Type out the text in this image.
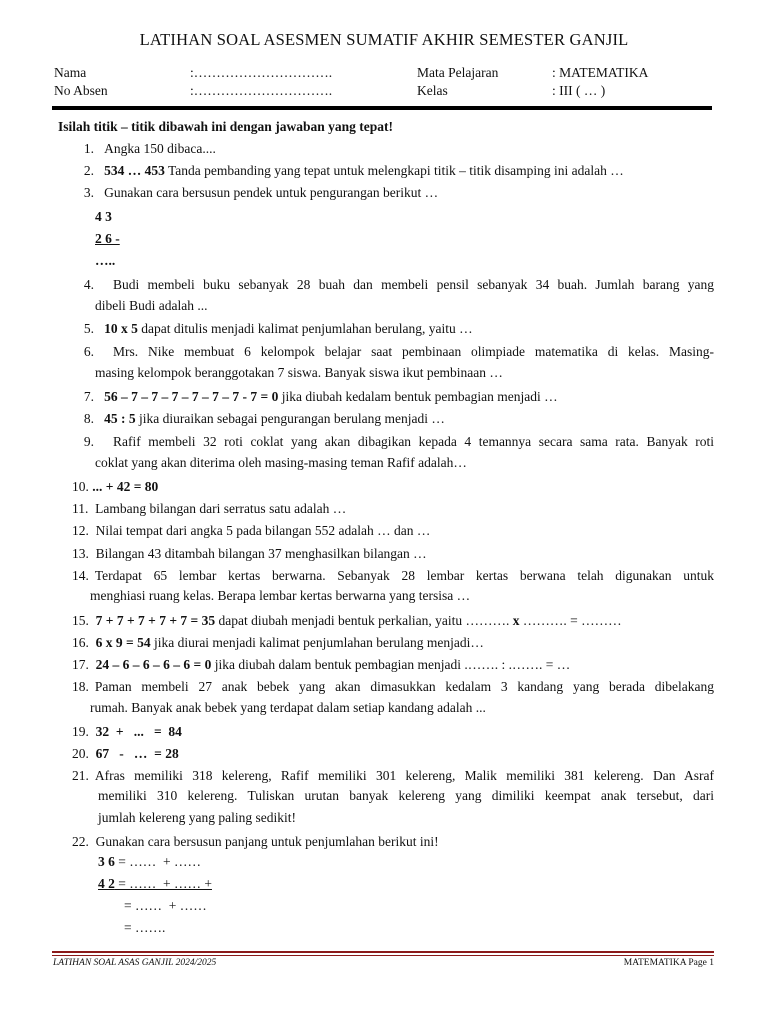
LATIHAN SOAL ASESMEN SUMATIF AKHIR SEMESTER GANJIL
Nama	:………………………….	Mata Pelajaran	: MATEMATIKA
No Absen	:………………………….	Kelas	: III ( … )
Isilah titik – titik dibawah ini dengan jawaban yang tepat!
1. Angka 150 dibaca....
2. 534 … 453 Tanda pembanding yang tepat untuk melengkapi titik – titik disamping ini adalah …
3. Gunakan cara bersusun pendek untuk pengurangan berikut …
4 3
2 6 -
…..
4. Budi membeli buku sebanyak 28 buah dan membeli pensil sebanyak 34 buah. Jumlah barang yang
dibeli Budi adalah ...
5. 10 x 5 dapat ditulis menjadi kalimat penjumlahan berulang, yaitu …
6. Mrs. Nike membuat 6 kelompok belajar saat pembinaan olimpiade matematika di kelas. Masing-
masing kelompok beranggotakan 7 siswa. Banyak siswa ikut pembinaan …
7. 56 – 7 – 7 – 7 – 7 – 7 – 7 - 7 = 0 jika diubah kedalam bentuk pembagian menjadi …
8. 45 : 5 jika diuraikan sebagai pengurangan berulang menjadi …
9. Rafif membeli 32 roti coklat yang akan dibagikan kepada 4 temannya secara sama rata. Banyak roti
coklat yang akan diterima oleh masing-masing teman Rafif adalah…
10. ... + 42 = 80
11. Lambang bilangan dari serratus satu adalah …
12. Nilai tempat dari angka 5 pada bilangan 552 adalah … dan …
13. Bilangan 43 ditambah bilangan 37 menghasilkan bilangan …
14. Terdapat 65 lembar kertas berwarna. Sebanyak 28 lembar kertas berwana telah digunakan untuk
menghiasi ruang kelas. Berapa lembar kertas berwarna yang tersisa …
15. 7 + 7 + 7 + 7 + 7 = 35 dapat diubah menjadi bentuk perkalian, yaitu ………. x ………. = ………
16. 6 x 9 = 54 jika diurai menjadi kalimat penjumlahan berulang menjadi…
17. 24 – 6 – 6 – 6 – 6 = 0 jika diubah dalam bentuk pembagian menjadi .……. : .……. = …
18. Paman membeli 27 anak bebek yang akan dimasukkan kedalam 3 kandang yang berada dibelakang
rumah. Banyak anak bebek yang terdapat dalam setiap kandang adalah ...
19. 32  +   ...   =  84
20. 67   -   …  = 28
21. Afras memiliki 318 kelereng, Rafif memiliki 301 kelereng, Malik memiliki 381 kelereng. Dan Asraf
memiliki 310 kelereng. Tuliskan urutan banyak kelereng yang dimiliki keempat anak tersebut, dari
jumlah kelereng yang paling sedikit!
22. Gunakan cara bersusun panjang untuk penjumlahan berikut ini!
3 6 = ……  + ……
4 2 = ……  + …… +
= ……  + ……
= …….
LATIHAN SOAL ASAS GANJIL 2024/2025	MATEMATIKA Page 1
